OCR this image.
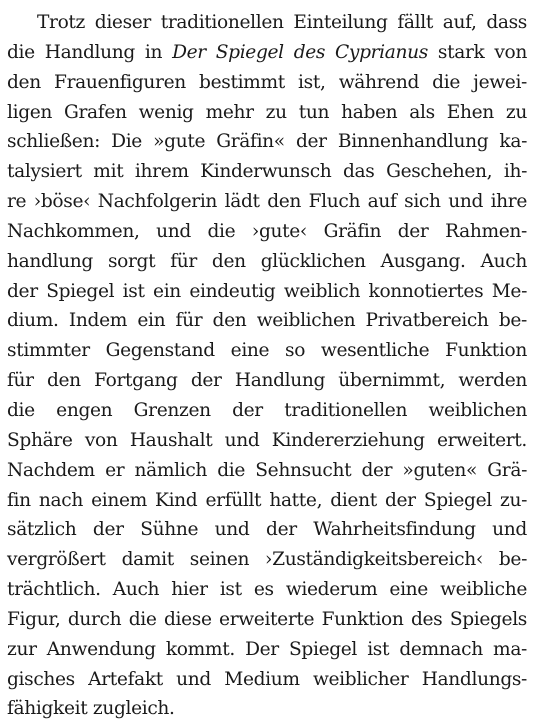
Trotz dieser traditionellen Einteilung fällt auf, dass
die Handlung in Der Spiegel des Cyprianus stark von
den Frauenfiguren bestimmt ist, während die jewei-
ligen Grafen wenig mehr zu tun haben als Ehen zu
schließen: Die »gute Gräfin« der Binnenhandlung ka-
talysiert mit ihrem Kinderwunsch das Geschehen, ih-
re ›böse‹ Nachfolgerin lädt den Fluch auf sich und ihre
Nachkommen, und die ›gute‹ Gräfin der Rahmen-
handlung sorgt für den glücklichen Ausgang. Auch
der Spiegel ist ein eindeutig weiblich konnotiertes Me-
dium. Indem ein für den weiblichen Privatbereich be-
stimmter Gegenstand eine so wesentliche Funktion
für den Fortgang der Handlung übernimmt, werden
die engen Grenzen der traditionellen weiblichen
Sphäre von Haushalt und Kindererziehung erweitert.
Nachdem er nämlich die Sehnsucht der »guten« Grä-
fin nach einem Kind erfüllt hatte, dient der Spiegel zu-
sätzlich der Sühne und der Wahrheitsfindung und
vergrößert damit seinen ›Zuständigkeitsbereich‹ be-
trächtlich. Auch hier ist es wiederum eine weibliche
Figur, durch die diese erweiterte Funktion des Spiegels
zur Anwendung kommt. Der Spiegel ist demnach ma-
gisches Artefakt und Medium weiblicher Handlungs-
fähigkeit zugleich.
